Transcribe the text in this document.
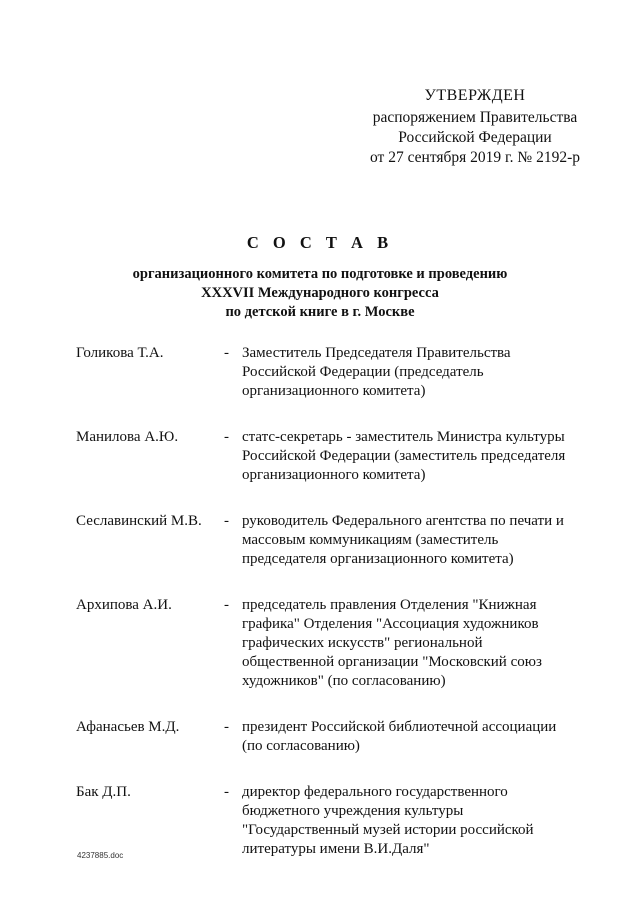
УТВЕРЖДЕН
распоряжением Правительства
Российской Федерации
от 27 сентября 2019 г. № 2192-р
С О С Т А В
организационного комитета по подготовке и проведению
XXXVII Международного конгресса
по детской книге в г. Москве
Голикова Т.А.	- Заместитель Председателя Правительства Российской Федерации (председатель организационного комитета)
Манилова А.Ю.	- статс-секретарь - заместитель Министра культуры Российской Федерации (заместитель председателя организационного комитета)
Сеславинский М.В.	- руководитель Федерального агентства по печати и массовым коммуникациям (заместитель председателя организационного комитета)
Архипова А.И.	- председатель правления Отделения "Книжная графика" Отделения "Ассоциация художников графических искусств" региональной общественной организации "Московский союз художников" (по согласованию)
Афанасьев М.Д.	- президент Российской библиотечной ассоциации (по согласованию)
Бак Д.П.	- директор федерального государственного бюджетного учреждения культуры "Государственный музей истории российской литературы имени В.И.Даля"
4237885.doc
